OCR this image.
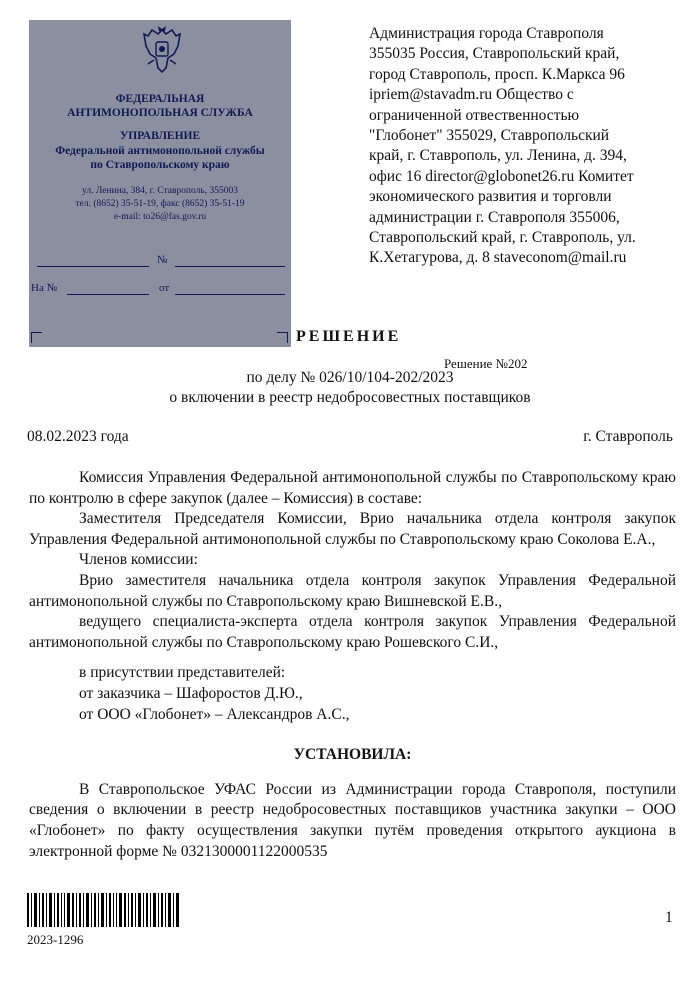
ФЕДЕРАЛЬНАЯ
АНТИМОНОПОЛЬНАЯ СЛУЖБА
УПРАВЛЕНИЕ
Федеральной антимонопольной службы
по Ставропольскому краю
ул. Ленина, 384, г. Ставрополь, 355003
тел. (8652) 35-51-19, факс (8652) 35-51-19
e-mail: to26@fas.gov.ru
№
На №	от
Администрация города Ставрополя
355035 Россия, Ставропольский край,
город Ставрополь, просп. К.Маркса 96
ipriem@stavadm.ru Общество с
ограниченной отвественностью
"Глобонет" 355029, Ставропольский
край, г. Ставрополь, ул. Ленина, д. 394,
офис 16 director@globonet26.ru Комитет
экономического развития и торговли
администрации г. Ставрополя 355006,
Ставропольский край, г. Ставрополь, ул.
К.Хетагурова, д. 8 staveconom@mail.ru
РЕШЕНИЕ
Решение №202
по делу № 026/10/104-202/2023
о включении в реестр недобросовестных поставщиков
08.02.2023 года	г. Ставрополь

Комиссия Управления Федеральной антимонопольной службы по Ставропольскому краю по контролю в сфере закупок (далее – Комиссия) в составе:

Заместителя Председателя Комиссии, Врио начальника отдела контроля закупок Управления Федеральной антимонопольной службы по Ставропольскому краю Соколова Е.А.,

Членов комиссии:

Врио заместителя начальника отдела контроля закупок Управления Федеральной антимонопольной службы по Ставропольскому краю Вишневской Е.В.,

ведущего специалиста-эксперта отдела контроля закупок Управления Федеральной антимонопольной службы по Ставропольскому краю Рошевского С.И.,

в присутствии представителей:

от заказчика – Шафоростов Д.Ю.,

от ООО «Глобонет» – Александров А.С.,

УСТАНОВИЛА:

В Ставропольское УФАС России из Администрации города Ставрополя, поступили сведения о включении в реестр недобросовестных поставщиков участника закупки – ООО «Глобонет» по факту осуществления закупки путём проведения открытого аукциона в электронной форме № 0321300001122000535

2023-1296
1
